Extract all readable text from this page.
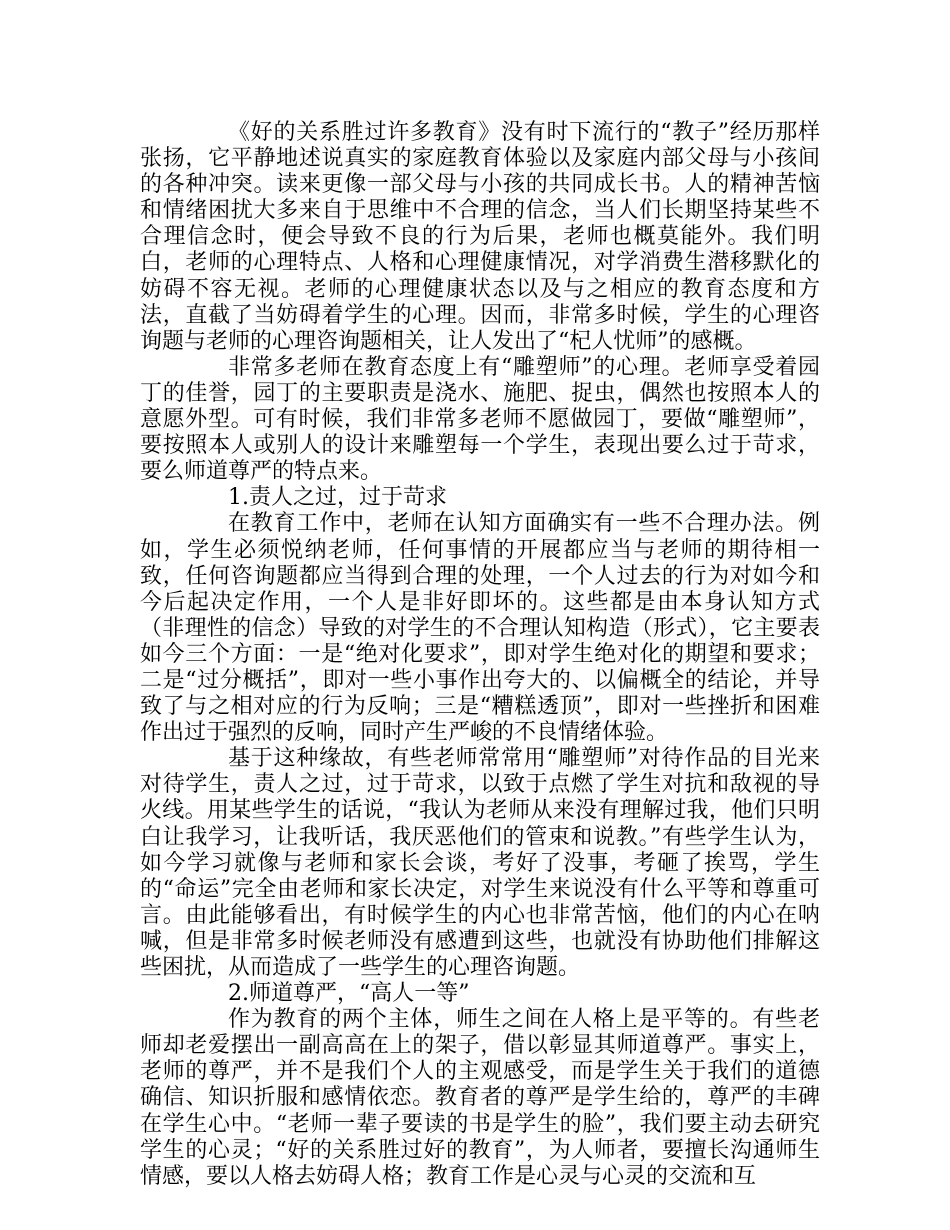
《好的关系胜过许多教育》没有时下流行的“教子”经历那样张扬，它平静地述说真实的家庭教育体验以及家庭内部父母与小孩间的各种冲突。读来更像一部父母与小孩的共同成长书。人的精神苦恼和情绪困扰大多来自于思维中不合理的信念，当人们长期坚持某些不合理信念时，便会导致不良的行为后果，老师也概莫能外。我们明白，老师的心理特点、人格和心理健康情况，对学消费生潜移默化的妨碍不容无视。老师的心理健康状态以及与之相应的教育态度和方法，直截了当妨碍着学生的心理。因而，非常多时候，学生的心理咨询题与老师的心理咨询题相关，让人发出了“杞人忧师”的感概。

非常多老师在教育态度上有“雕塑师”的心理。老师享受着园丁的佳誉，园丁的主要职责是浇水、施肥、捉虫，偶然也按照本人的意愿外型。可有时候，我们非常多老师不愿做园丁，要做“雕塑师”，要按照本人或别人的设计来雕塑每一个学生，表现出要么过于苛求，要么师道尊严的特点来。

1.责人之过，过于苛求

在教育工作中，老师在认知方面确实有一些不合理办法。例如，学生必须悦纳老师，任何事情的开展都应当与老师的期待相一致，任何咨询题都应当得到合理的处理，一个人过去的行为对如今和今后起决定作用，一个人是非好即坏的。这些都是由本身认知方式（非理性的信念）导致的对学生的不合理认知构造（形式），它主要表如今三个方面：一是“绝对化要求”，即对学生绝对化的期望和要求；二是“过分概括”，即对一些小事作出夸大的、以偏概全的结论，并导致了与之相对应的行为反响；三是“糟糕透顶”，即对一些挫折和困难作出过于强烈的反响，同时产生严峻的不良情绪体验。

基于这种缘故，有些老师常常用“雕塑师”对待作品的目光来对待学生，责人之过，过于苛求，以致于点燃了学生对抗和敌视的导火线。用某些学生的话说，“我认为老师从来没有理解过我，他们只明白让我学习，让我听话，我厌恶他们的管束和说教。”有些学生认为，如今学习就像与老师和家长会谈，考好了没事，考砸了挨骂，学生的“命运”完全由老师和家长决定，对学生来说没有什么平等和尊重可言。由此能够看出，有时候学生的内心也非常苦恼，他们的内心在呐喊，但是非常多时候老师没有感遭到这些，也就没有协助他们排解这些困扰，从而造成了一些学生的心理咨询题。

2.师道尊严，“高人一等”

作为教育的两个主体，师生之间在人格上是平等的。有些老师却老爱摆出一副高高在上的架子，借以彰显其师道尊严。事实上，老师的尊严，并不是我们个人的主观感受，而是学生关于我们的道德确信、知识折服和感情依恋。教育者的尊严是学生给的，尊严的丰碑在学生心中。“老师一辈子要读的书是学生的脸”，我们要主动去研究学生的心灵；“好的关系胜过好的教育”，为人师者，要擅长沟通师生情感，要以人格去妨碍人格；教育工作是心灵与心灵的交流和互
